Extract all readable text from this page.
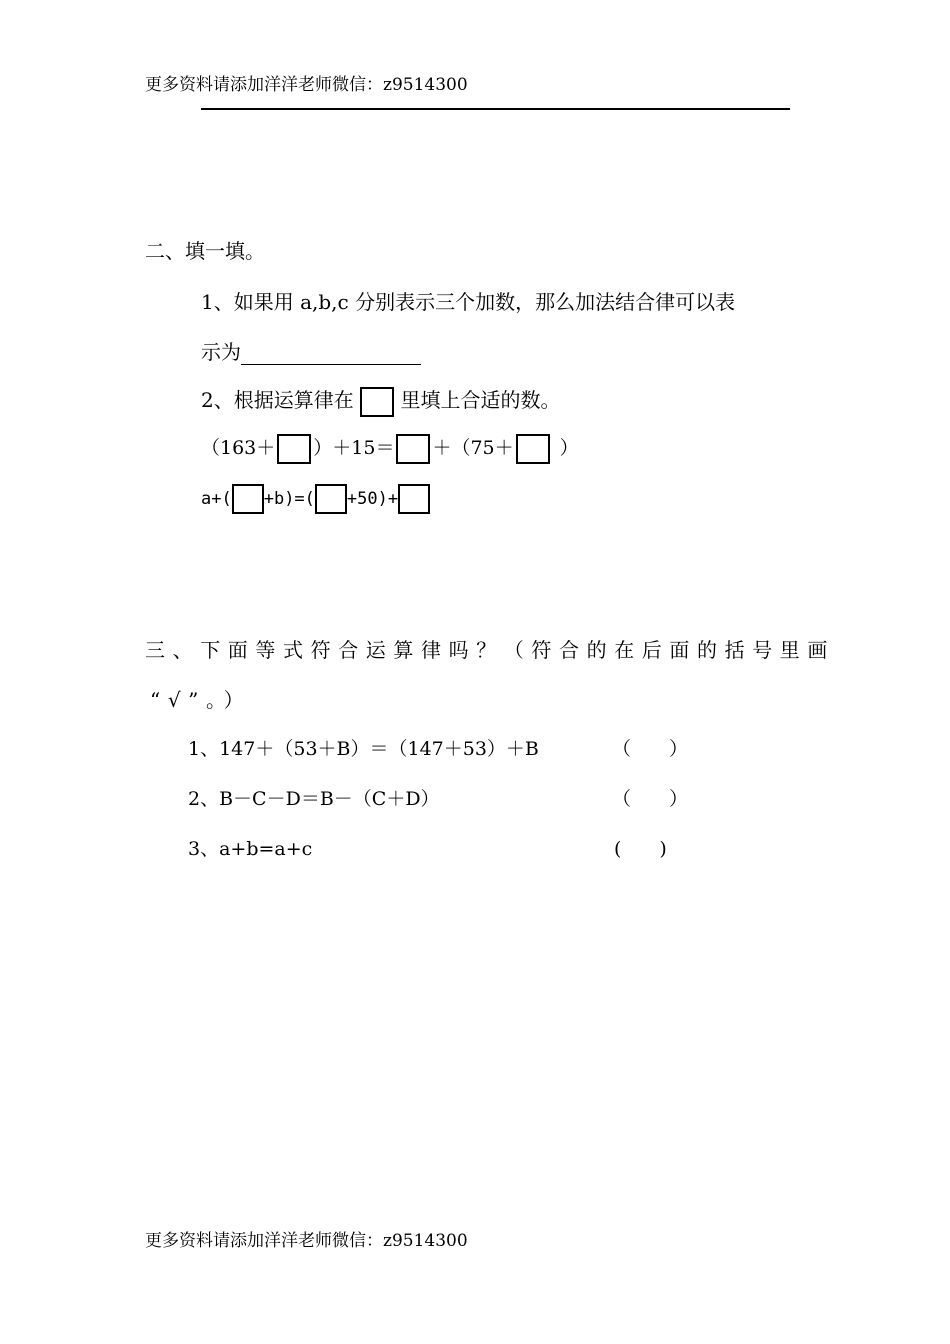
更多资料请添加洋洋老师微信：z9514300
二、填一填。
1、如果用 a,b,c 分别表示三个加数，那么加法结合律可以表
示为
2、根据运算律在 里填上合适的数。
（163＋ ）＋15＝ ＋（75＋ ）
a+( +b)=( +50)+
三、下面等式符合运算律吗？（符合的在后面的括号里画
“√”。）
1、147＋（53＋B）＝（147＋53）＋B	（　　）
2、B－C－D＝B－（C＋D）	（　　）
3、a+b=a+c	(　　)
更多资料请添加洋洋老师微信：z9514300
